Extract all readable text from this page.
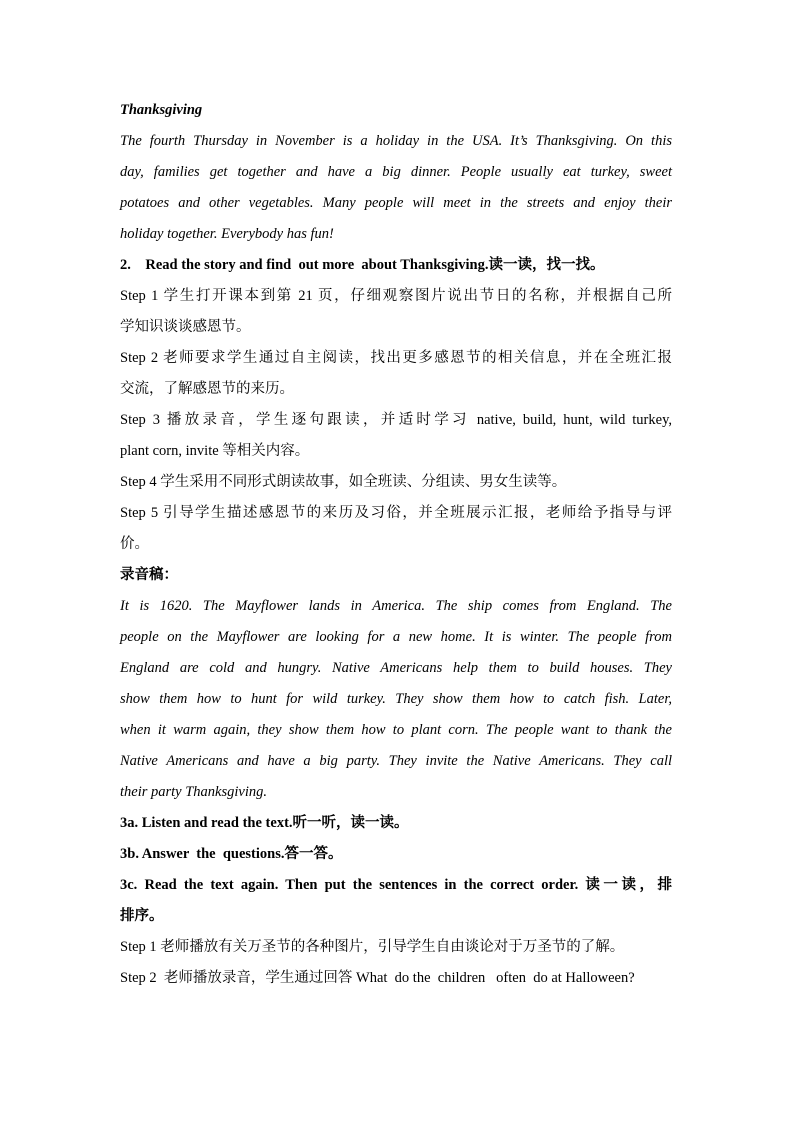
Thanksgiving
The fourth Thursday in November is a holiday in the USA. It’s Thanksgiving. On this
day, families get together and have a big dinner. People usually eat turkey, sweet
potatoes and other vegetables. Many people will meet in the streets and enjoy their
holiday together. Everybody has fun!
2.    Read the story and find  out more  about Thanksgiving.读一读，找一找。
Step 1 学生打开课本到第 21 页，仔细观察图片说出节日的名称，并根据自己所
学知识谈谈感恩节。
Step 2 老师要求学生通过自主阅读，找出更多感恩节的相关信息，并在全班汇报
交流，了解感恩节的来历。
Step 3 播放录音，学生逐句跟读，并适时学习 native, build, hunt, wild turkey,
plant corn, invite 等相关内容。
Step 4 学生采用不同形式朗读故事，如全班读、分组读、男女生读等。
Step 5 引导学生描述感恩节的来历及习俗，并全班展示汇报，老师给予指导与评
价。
录音稿：
It is 1620. The Mayflower lands in America. The ship comes from England. The
people on the Mayflower are looking for a new home. It is winter. The people from
England are cold and hungry. Native Americans help them to build houses. They
show them how to hunt for wild turkey. They show them how to catch fish. Later,
when it warm again, they show them how to plant corn. The people want to thank the
Native Americans and have a big party. They invite the Native Americans. They call
their party Thanksgiving.
3a. Listen and read the text.听一听，读一读。
3b. Answer  the  questions.答一答。
3c. Read the text again. Then put the sentences in the correct order. 读一读，排
排序。
Step 1 老师播放有关万圣节的各种图片，引导学生自由谈论对于万圣节的了解。
Step 2  老师播放录音，学生通过回答 What  do the  children   often  do at Halloween?
